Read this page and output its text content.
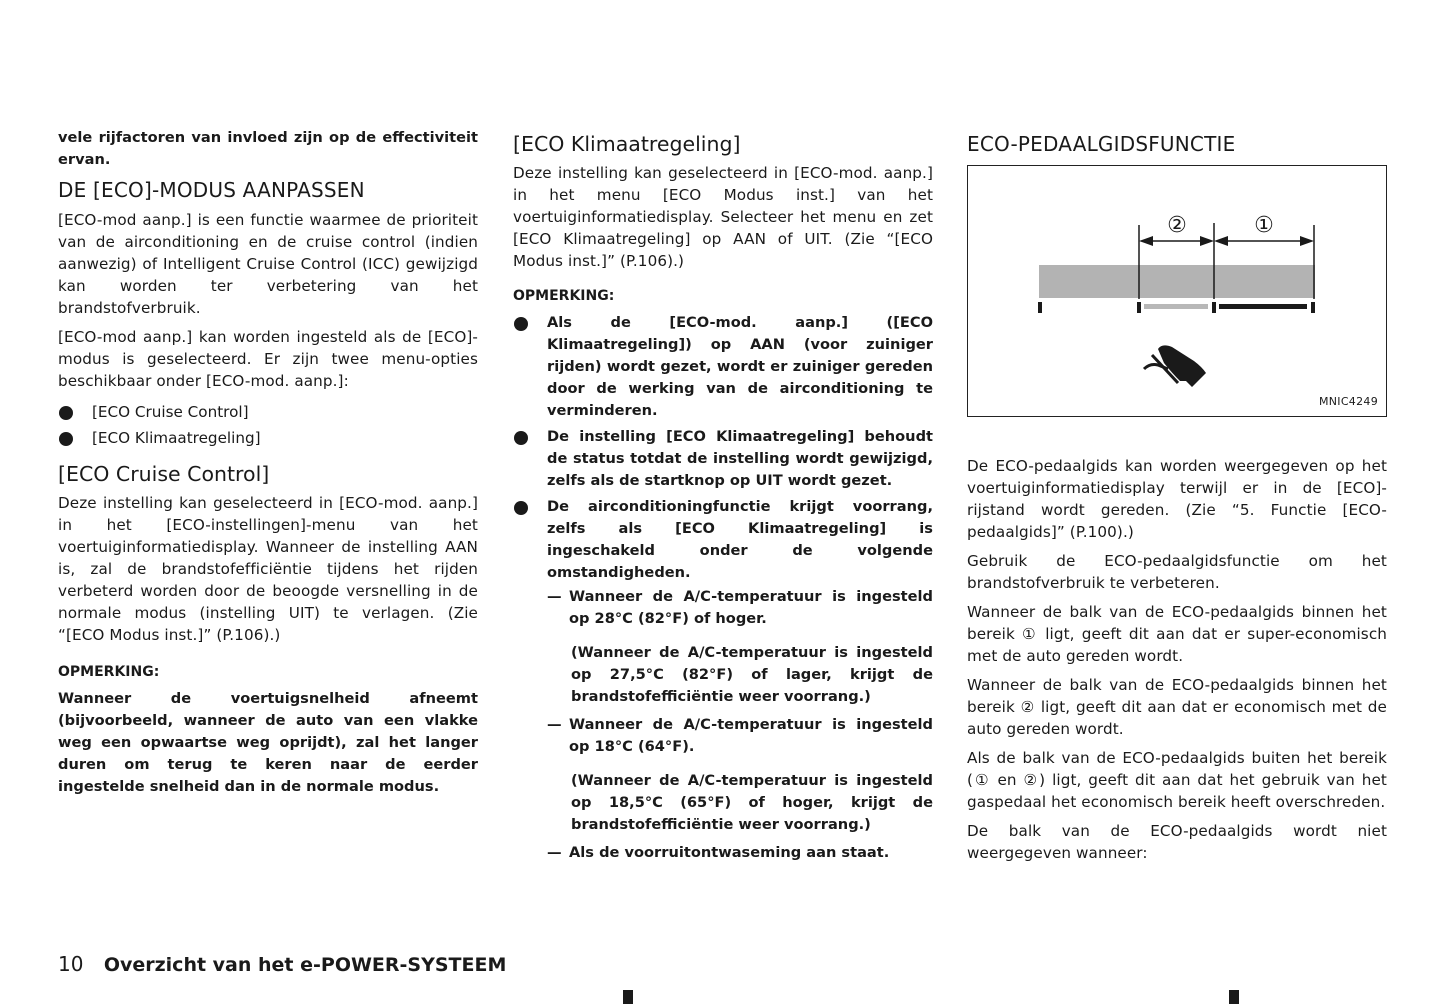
vele rijfactoren van invloed zijn op de effectiviteit ervan.

DE [ECO]-MODUS AANPASSEN

[ECO-mod aanp.] is een functie waarmee de prioriteit van de airconditioning en de cruise control (indien aanwezig) of Intelligent Cruise Control (ICC) gewijzigd kan worden ter verbetering van het brandstofverbruik.

[ECO-mod aanp.] kan worden ingesteld als de [ECO]-modus is geselecteerd. Er zijn twee menu-opties beschikbaar onder [ECO-mod. aanp.]:

[ECO Cruise Control]
[ECO Klimaatregeling]
[ECO Cruise Control]

Deze instelling kan geselecteerd in [ECO-mod. aanp.] in het [ECO-instellingen]-menu van het voertuiginformatiedisplay. Wanneer de instelling AAN is, zal de brandstofefficiëntie tijdens het rijden verbeterd worden door de beoogde versnelling in de normale modus (instelling UIT) te verlagen. (Zie “[ECO Modus inst.]” (P.106).)

OPMERKING:

Wanneer de voertuigsnelheid afneemt (bijvoorbeeld, wanneer de auto van een vlakke weg een opwaartse weg oprijdt), zal het langer duren om terug te keren naar de eerder ingestelde snelheid dan in de normale modus.

[ECO Klimaatregeling]

Deze instelling kan geselecteerd in [ECO-mod. aanp.] in het menu [ECO Modus inst.] van het voertuiginformatiedisplay. Selecteer het menu en zet [ECO Klimaatregeling] op AAN of UIT. (Zie “[ECO Modus inst.]” (P.106).)

OPMERKING:

Als de [ECO-mod. aanp.] ([ECO Klimaatregeling]) op AAN (voor zuiniger rijden) wordt gezet, wordt er zuiniger gereden door de werking van de airconditioning te verminderen.
De instelling [ECO Klimaatregeling] behoudt de status totdat de instelling wordt gewijzigd, zelfs als de startknop op UIT wordt gezet.
De airconditioningfunctie krijgt voorrang, zelfs als [ECO Klimaatregeling] is ingeschakeld onder de volgende omstandigheden.
— Wanneer de A/C-temperatuur is ingesteld op 28°C (82°F) of hoger.

(Wanneer de A/C-temperatuur is ingesteld op 27,5°C (82°F) of lager, krijgt de brandstofefficiëntie weer voorrang.)

— Wanneer de A/C-temperatuur is ingesteld op 18°C (64°F).

(Wanneer de A/C-temperatuur is ingesteld op 18,5°C (65°F) of hoger, krijgt de brandstofefficiëntie weer voorrang.)

— Als de voorruitontwaseming aan staat.
ECO-PEDAALGIDSFUNCTIE
②	①
MNIC4249

De ECO-pedaalgids kan worden weergegeven op het voertuiginformatiedisplay terwijl er in de [ECO]-rijstand wordt gereden. (Zie “5. Functie [ECO-pedaalgids]” (P.100).)

Gebruik de ECO-pedaalgidsfunctie om het brandstofverbruik te verbeteren.

Wanneer de balk van de ECO-pedaalgids binnen het bereik ① ligt, geeft dit aan dat er super-economisch met de auto gereden wordt.

Wanneer de balk van de ECO-pedaalgids binnen het bereik ② ligt, geeft dit aan dat er economisch met de auto gereden wordt.

Als de balk van de ECO-pedaalgids buiten het bereik (① en ②) ligt, geeft dit aan dat het gebruik van het gaspedaal het economisch bereik heeft overschreden.

De balk van de ECO-pedaalgids wordt niet weergegeven wanneer:

10 Overzicht van het e-POWER-SYSTEEM
